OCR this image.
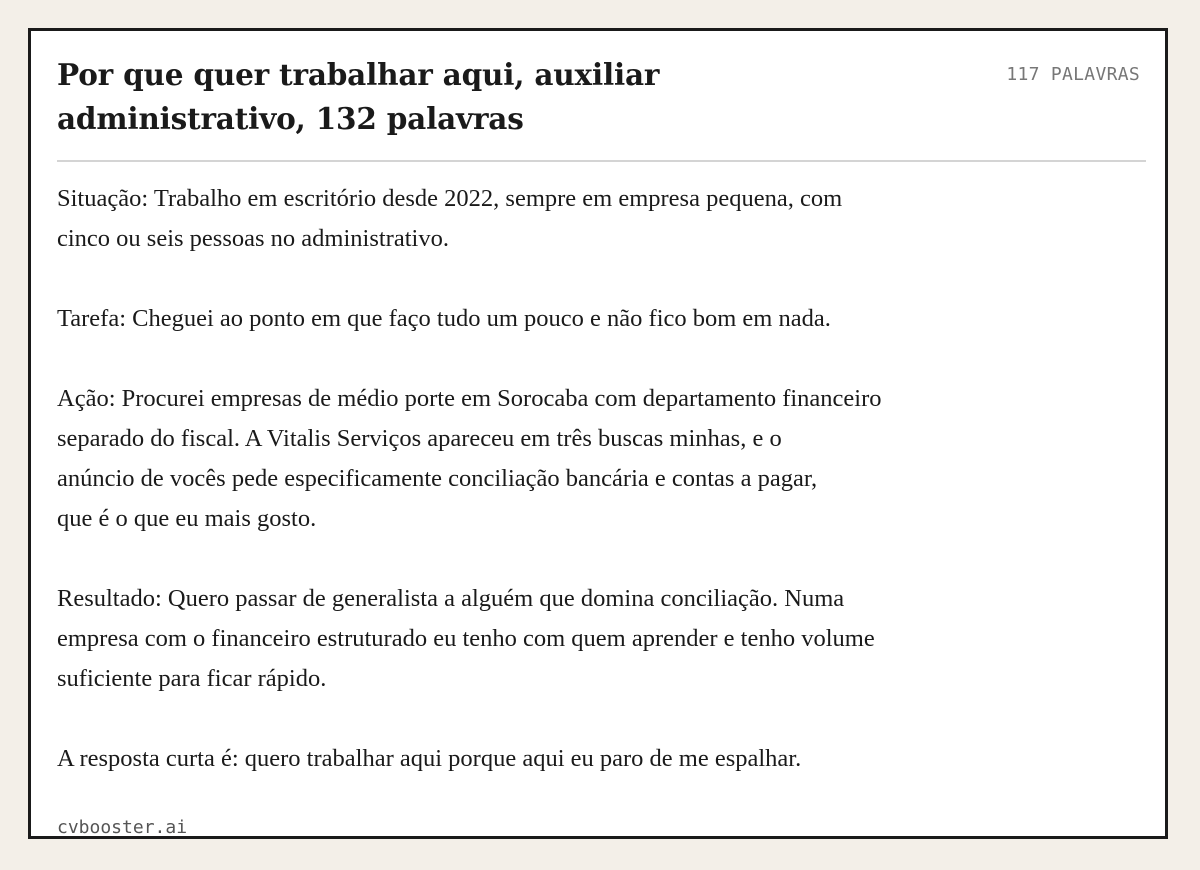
Por que quer trabalhar aqui, auxiliar administrativo, 132 palavras
117 PALAVRAS

Situação: Trabalho em escritório desde 2022, sempre em empresa pequena, com
cinco ou seis pessoas no administrativo.

Tarefa: Cheguei ao ponto em que faço tudo um pouco e não fico bom em nada.

Ação: Procurei empresas de médio porte em Sorocaba com departamento financeiro
separado do fiscal. A Vitalis Serviços apareceu em três buscas minhas, e o
anúncio de vocês pede especificamente conciliação bancária e contas a pagar,
que é o que eu mais gosto.

Resultado: Quero passar de generalista a alguém que domina conciliação. Numa
empresa com o financeiro estruturado eu tenho com quem aprender e tenho volume
suficiente para ficar rápido.

A resposta curta é: quero trabalhar aqui porque aqui eu paro de me espalhar.

cvbooster.ai
